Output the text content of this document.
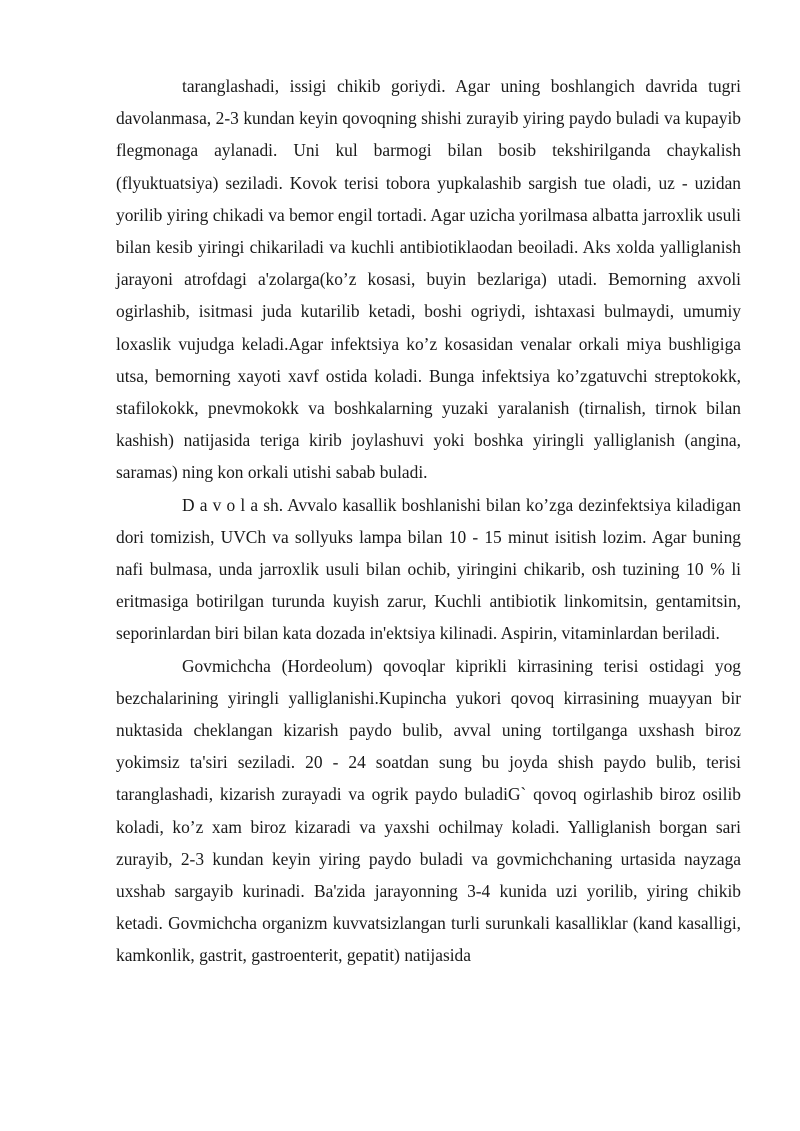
taranglashadi, issigi chikib goriydi. Agar uning boshlangich davrida tugri davolanmasa, 2-3 kundan keyin qovoqning shishi zurayib yiring paydo buladi va kupayib flegmonaga aylanadi. Uni kul barmogi bilan bosib tekshirilganda chaykalish (flyuktuatsiya) seziladi. Kovok terisi tobora yupkalashib sargish tue oladi, uz - uzidan yorilib yiring chikadi va bemor engil tortadi. Agar uzicha yorilmasa albatta jarroxlik usuli bilan kesib yiringi chikariladi va kuchli antibiotiklaodan beoiladi. Aks xolda yalliglanish jarayoni atrofdagi a'zolarga(ko’z kosasi, buyin bezlariga) utadi. Bemorning axvoli ogirlashib, isitmasi juda kutarilib ketadi, boshi ogriydi, ishtaxasi bulmaydi, umumiy loxaslik vujudga keladi.Agar infektsiya ko’z kosasidan venalar orkali miya bushligiga utsa, bemorning xayoti xavf ostida koladi. Bunga infektsiya ko’zgatuvchi streptokokk, stafilokokk, pnevmokokk va boshkalarning yuzaki yaralanish (tirnalish, tirnok bilan kashish) natijasida teriga kirib joylashuvi yoki boshka yiringli yalliglanish (angina, saramas) ning kon orkali utishi sabab buladi.

D a v o l a sh. Avvalo kasallik boshlanishi bilan ko’zga dezinfektsiya kiladigan dori tomizish, UVCh va sollyuks lampa bilan 10 - 15 minut isitish lozim. Agar buning nafi bulmasa, unda jarroxlik usuli bilan ochib, yiringini chikarib, osh tuzining 10 % li eritmasiga botirilgan turunda kuyish zarur, Kuchli antibiotik linkomitsin, gentamitsin, seporinlardan biri bilan kata dozada in'ektsiya kilinadi. Aspirin, vitaminlardan beriladi.

Govmichcha (Hordeolum) qovoqlar kiprikli kirrasining terisi ostidagi yog bezchalarining yiringli yalliglanishi.Kupincha yukori qovoq kirrasining muayyan bir nuktasida cheklangan kizarish paydo bulib, avval uning tortilganga uxshash biroz yokimsiz ta'siri seziladi. 20 - 24 soatdan sung bu joyda shish paydo bulib, terisi taranglashadi, kizarish zurayadi va ogrik paydo buladiG` qovoq ogirlashib biroz osilib koladi, ko’z xam biroz kizaradi va yaxshi ochilmay koladi. Yalliglanish borgan sari zurayib, 2-3 kundan keyin yiring paydo buladi va govmichchaning urtasida nayzaga uxshab sargayib kurinadi. Ba'zida jarayonning 3-4 kunida uzi yorilib, yiring chikib ketadi. Govmichcha organizm kuvvatsizlangan turli surunkali kasalliklar (kand kasalligi, kamkonlik, gastrit, gastroenterit, gepatit) natijasida
